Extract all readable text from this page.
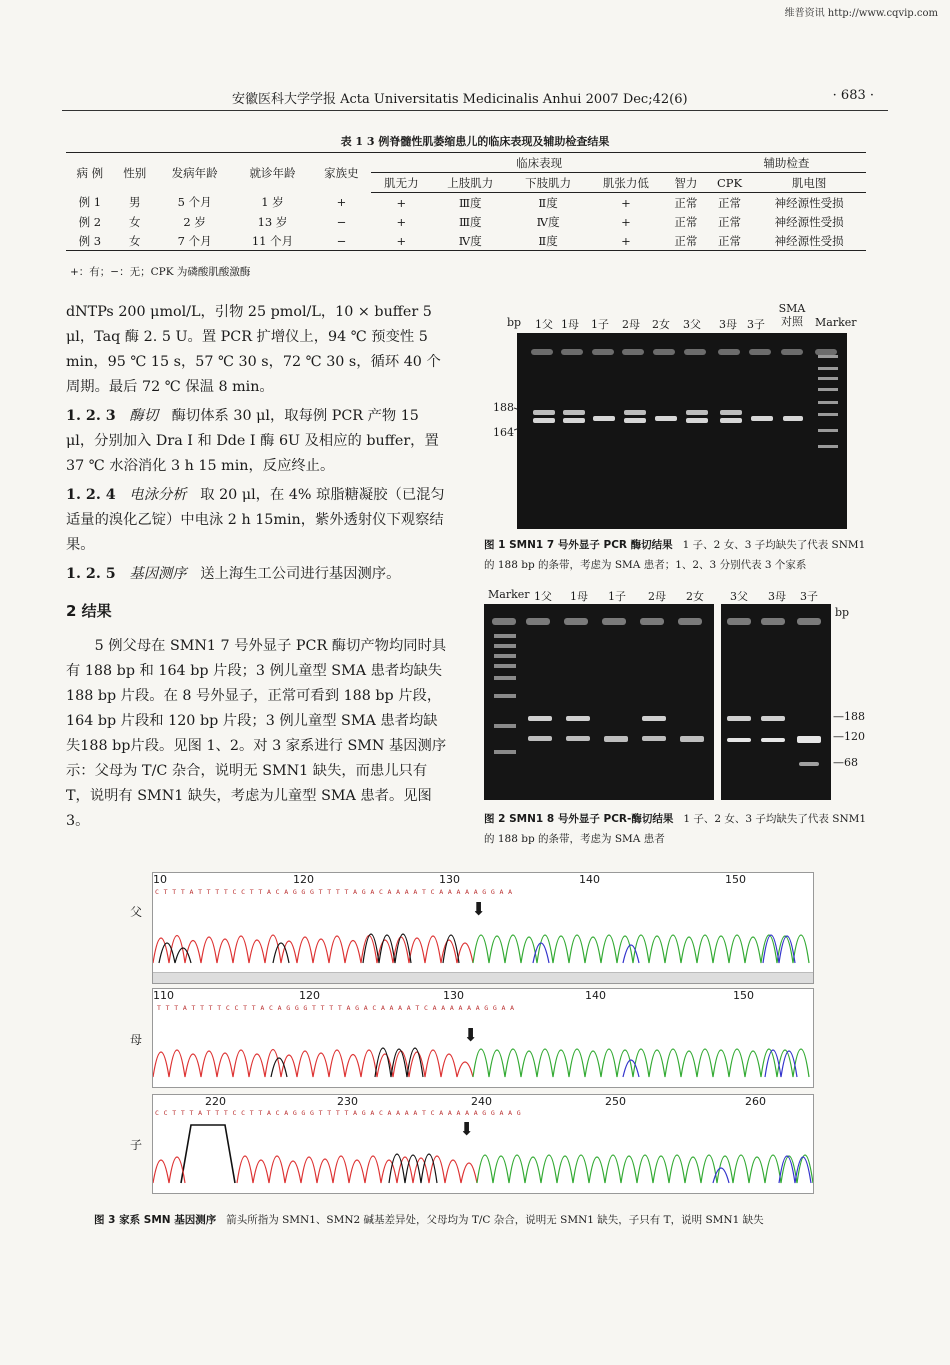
维普资讯 http://www.cqvip.com
安徽医科大学学报 Acta Universitatis Medicinalis Anhui 2007 Dec;42(6)	· 683 ·
表 1 3 例脊髓性肌萎缩患儿的临床表现及辅助检查结果
病 例	性别	发病年龄	就诊年龄	家族史	临床表现					辅助检查	
					肌无力	上肢肌力	下肢肌力	肌张力低	智力	CPK	肌电图
例 1	男	5 个月	1 岁	+	+	Ⅲ度	Ⅱ度	+	正常	正常	神经源性受损
例 2	女	2 岁	13 岁	−	+	Ⅲ度	Ⅳ度	+	正常	正常	神经源性受损
例 3	女	7 个月	11 个月	−	+	Ⅳ度	Ⅱ度	+	正常	正常	神经源性受损
+：有；−：无；CPK 为磷酸肌酸激酶

dNTPs 200 μmol/L，引物 25 pmol/L，10 × buffer 5 μl，Taq 酶 2. 5 U。置 PCR 扩增仪上，94 ℃ 预变性 5 min，95 ℃ 15 s，57 ℃ 30 s，72 ℃ 30 s，循环 40 个周期。最后 72 ℃ 保温 8 min。

1. 2. 3 酶切 酶切体系 30 μl，取每例 PCR 产物 15 μl，分别加入 Dra Ⅰ 和 Dde Ⅰ 酶 6U 及相应的 buffer，置 37 ℃ 水浴消化 3 h 15 min，反应终止。

1. 2. 4 电泳分析 取 20 μl，在 4% 琼脂糖凝胶（已混匀适量的溴化乙锭）中电泳 2 h 15min，紫外透射仪下观察结果。

1. 2. 5 基因测序 送上海生工公司进行基因测序。

2 结果

5 例父母在 SMN1 7 号外显子 PCR 酶切产物均同时具有 188 bp 和 164 bp 片段；3 例儿童型 SMA 患者均缺失 188 bp 片段。在 8 号外显子，正常可看到 188 bp 片段，164 bp 片段和 120 bp 片段；3 例儿童型 SMA 患者均缺失188 bp片段。见图 1、2。对 3 家系进行 SMN 基因测序示：父母为 T/C 杂合，说明无 SMN1 缺失，而患儿只有 T，说明有 SMN1 缺失，考虑为儿童型 SMA 患者。见图 3。

bp 1父 1母 1子 2母 2女 3父 3母 3子
SMA 对照	Marker
188
164
图 1 SMN1 7 号外显子 PCR 酶切结果 1 子、2 女、3 子均缺失了代表 SNM1 的 188 bp 的条带，考虑为 SMA 患者；1、2、3 分别代表 3 个家系
Marker 1父 1母 1子 2母 2女 3父 3母 3子
bp
—188
—120
—68
图 2 SMN1 8 号外显子 PCR-酶切结果 1 子、2 女、3 子均缺失了代表 SNM1 的 188 bp 的条带，考虑为 SMA 患者
父
母
子
10	120	130	140	150
CTTTATTTTCCTTACAGGGTTTTAGACAAAATCAAAAAGGAA
⬇
110	120	130	140	150
TTTATTTTCCTTACAGGGTTTTAGACAAAATCAAAAAAGGAA
⬇
220	230	240	250	260
CCTTTATTTCCTTACAGGGTTTTAGACAAAATCAAAAAGGAAG
⬇
图 3 家系 SMN 基因测序 箭头所指为 SMN1、SMN2 碱基差异处，父母均为 T/C 杂合，说明无 SMN1 缺失，子只有 T，说明 SMN1 缺失
